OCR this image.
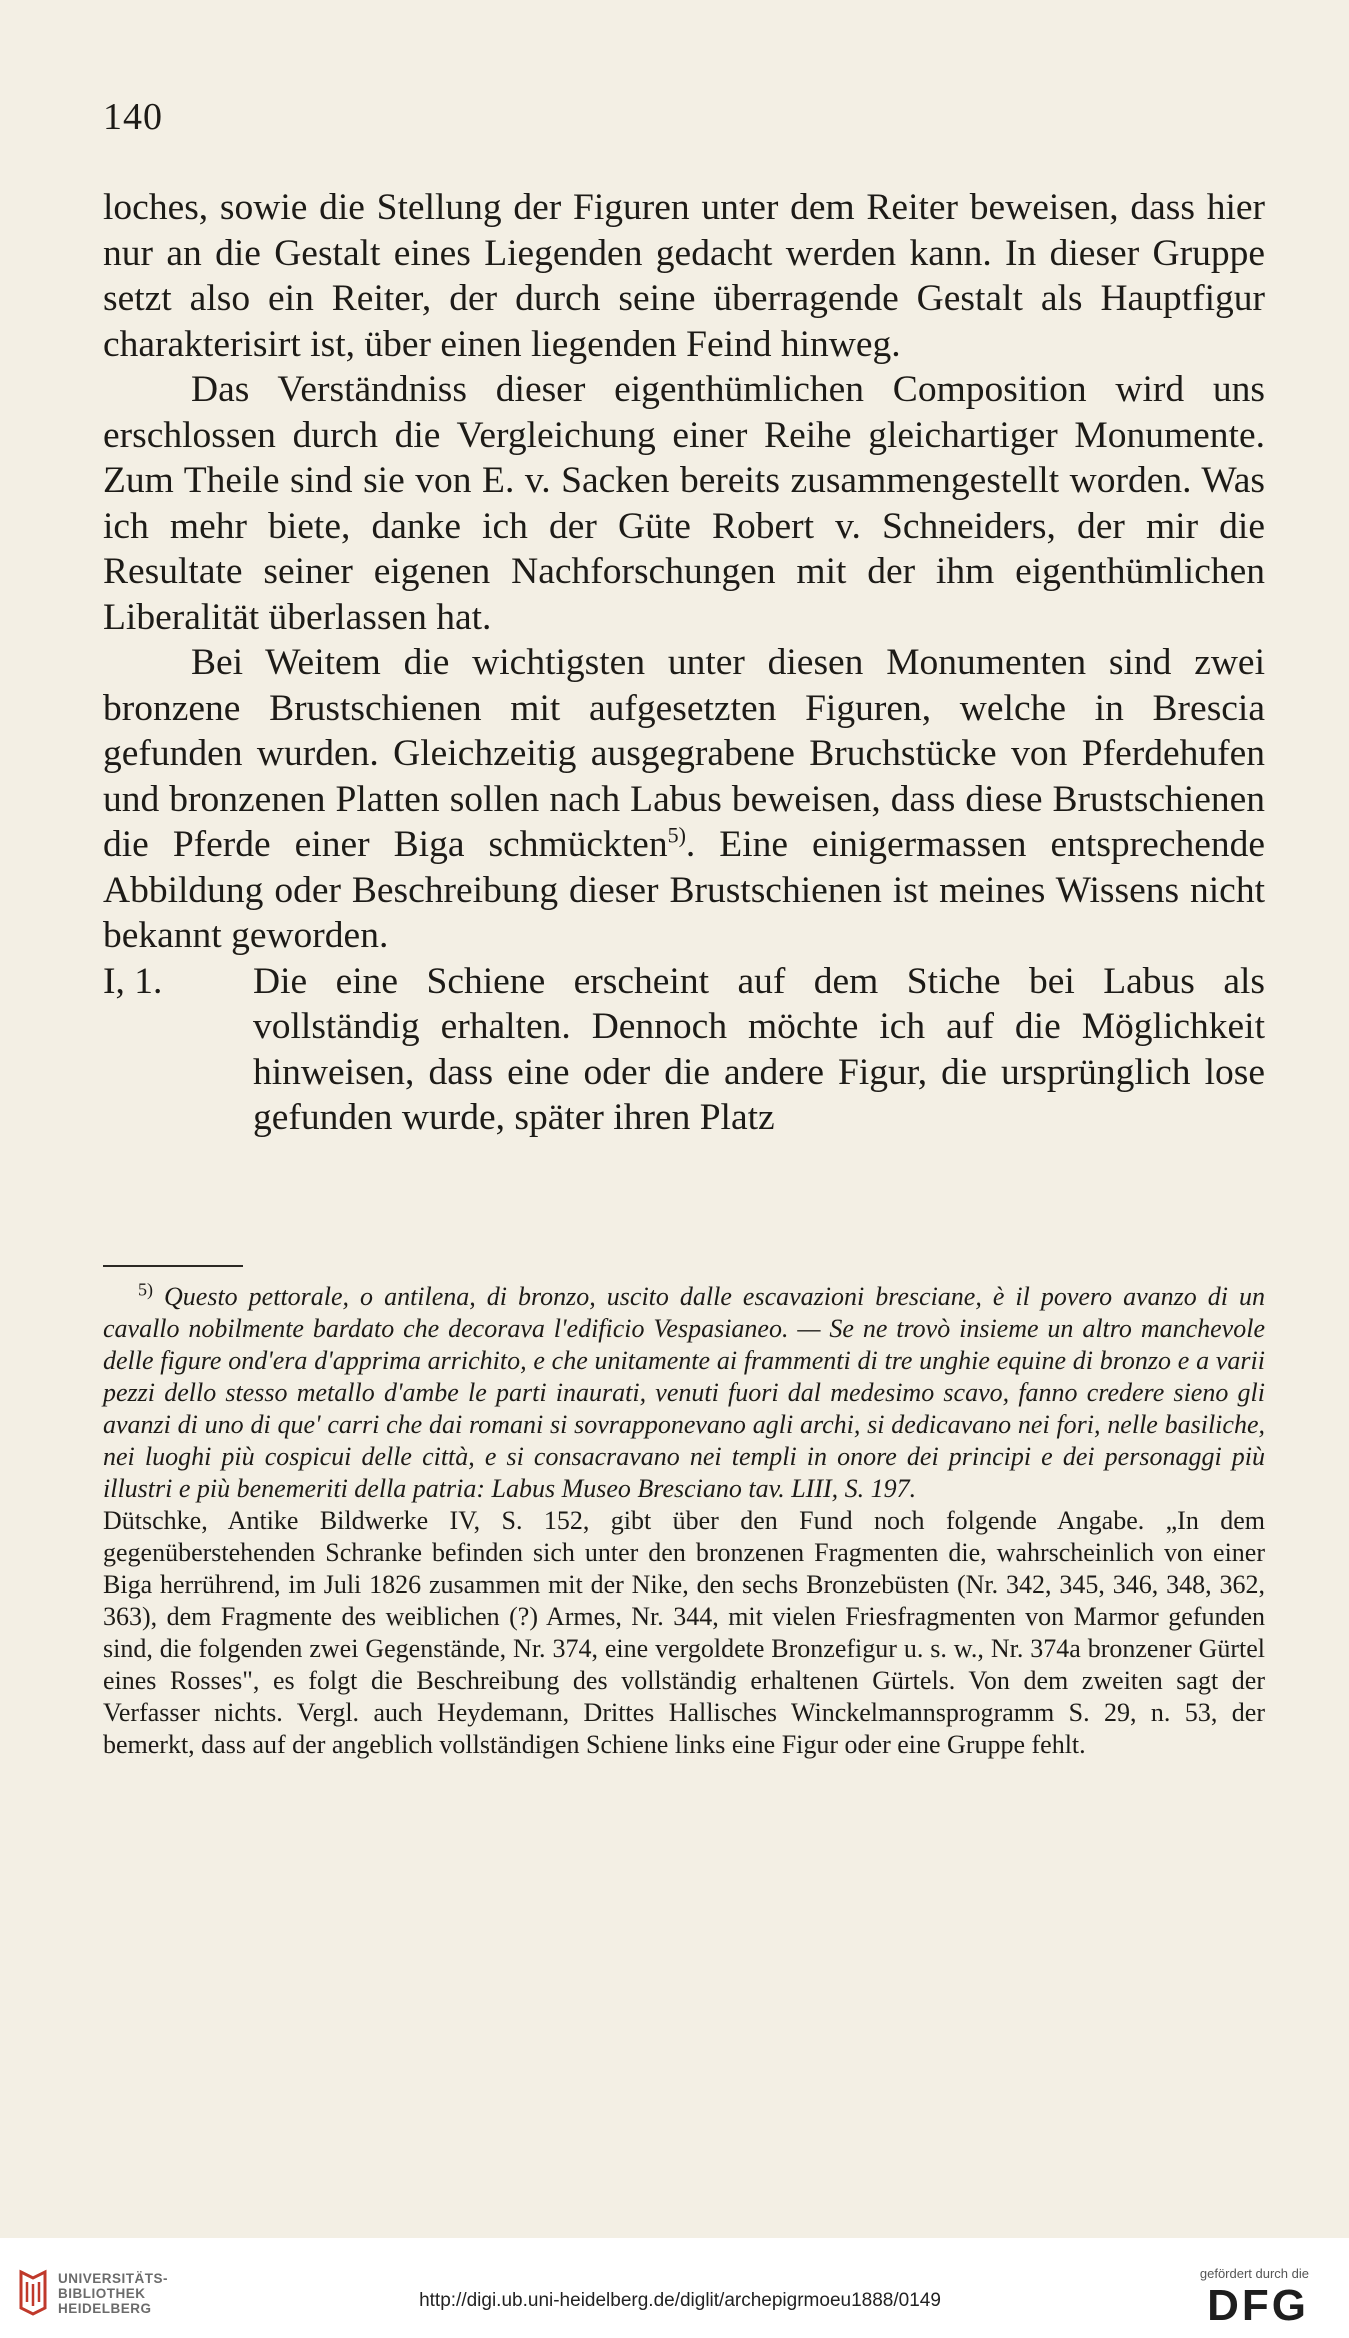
140

loches, sowie die Stellung der Figuren unter dem Reiter beweisen, dass hier nur an die Gestalt eines Liegenden gedacht werden kann. In dieser Gruppe setzt also ein Reiter, der durch seine überragende Gestalt als Hauptfigur charakterisirt ist, über einen liegenden Feind hinweg.

Das Verständniss dieser eigenthümlichen Composition wird uns erschlossen durch die Vergleichung einer Reihe gleichartiger Monumente. Zum Theile sind sie von E. v. Sacken bereits zusammengestellt worden. Was ich mehr biete, danke ich der Güte Robert v. Schneiders, der mir die Resultate seiner eigenen Nachforschungen mit der ihm eigenthümlichen Liberalität überlassen hat.

Bei Weitem die wichtigsten unter diesen Monumenten sind zwei bronzene Brustschienen mit aufgesetzten Figuren, welche in Brescia gefunden wurden. Gleichzeitig ausgegrabene Bruchstücke von Pferdehufen und bronzenen Platten sollen nach Labus beweisen, dass diese Brustschienen die Pferde einer Biga schmückten$^{5)}$. Eine einigermassen entsprechende Abbildung oder Beschreibung dieser Brustschienen ist meines Wissens nicht bekannt geworden.

I, 1.	Die eine Schiene erscheint auf dem Stiche bei Labus als vollständig erhalten. Dennoch möchte ich auf die Möglichkeit hinweisen, dass eine oder die andere Figur, die ursprünglich lose gefunden wurde, später ihren Platz

$^{5)}$ Questo pettorale, o antilena, di bronzo, uscito dalle escavazioni bresciane, è il povero avanzo di un cavallo nobilmente bardato che decorava l'edificio Vespasianeo. — Se ne trovò insieme un altro manchevole delle figure ond'era d'apprima arrichito, e che unitamente ai frammenti di tre unghie equine di bronzo e a varii pezzi dello stesso metallo d'ambe le parti inaurati, venuti fuori dal medesimo scavo, fanno credere sieno gli avanzi di uno di que' carri che dai romani si sovrapponevano agli archi, si dedicavano nei fori, nelle basiliche, nei luoghi più cospicui delle città, e si consacravano nei templi in onore dei principi e dei personaggi più illustri e più benemeriti della patria: Labus Museo Bresciano tav. LIII, S. 197.

Dütschke, Antike Bildwerke IV, S. 152, gibt über den Fund noch folgende Angabe. „In dem gegenüberstehenden Schranke befinden sich unter den bronzenen Fragmenten die, wahrscheinlich von einer Biga herrührend, im Juli 1826 zusammen mit der Nike, den sechs Bronzebüsten (Nr. 342, 345, 346, 348, 362, 363), dem Fragmente des weiblichen (?) Armes, Nr. 344, mit vielen Friesfragmenten von Marmor gefunden sind, die folgenden zwei Gegenstände, Nr. 374, eine vergoldete Bronzefigur u. s. w., Nr. 374a bronzener Gürtel eines Rosses", es folgt die Beschreibung des vollständig erhaltenen Gürtels. Von dem zweiten sagt der Verfasser nichts. Vergl. auch Heydemann, Drittes Hallisches Winckelmannsprogramm S. 29, n. 53, der bemerkt, dass auf der angeblich vollständigen Schiene links eine Figur oder eine Gruppe fehlt.

UNIVERSITÄTS-
BIBLIOTHEK
HEIDELBERG	http://digi.ub.uni-heidelberg.de/diglit/archepigrmoeu1888/0149
gefördert durch die
DFG
